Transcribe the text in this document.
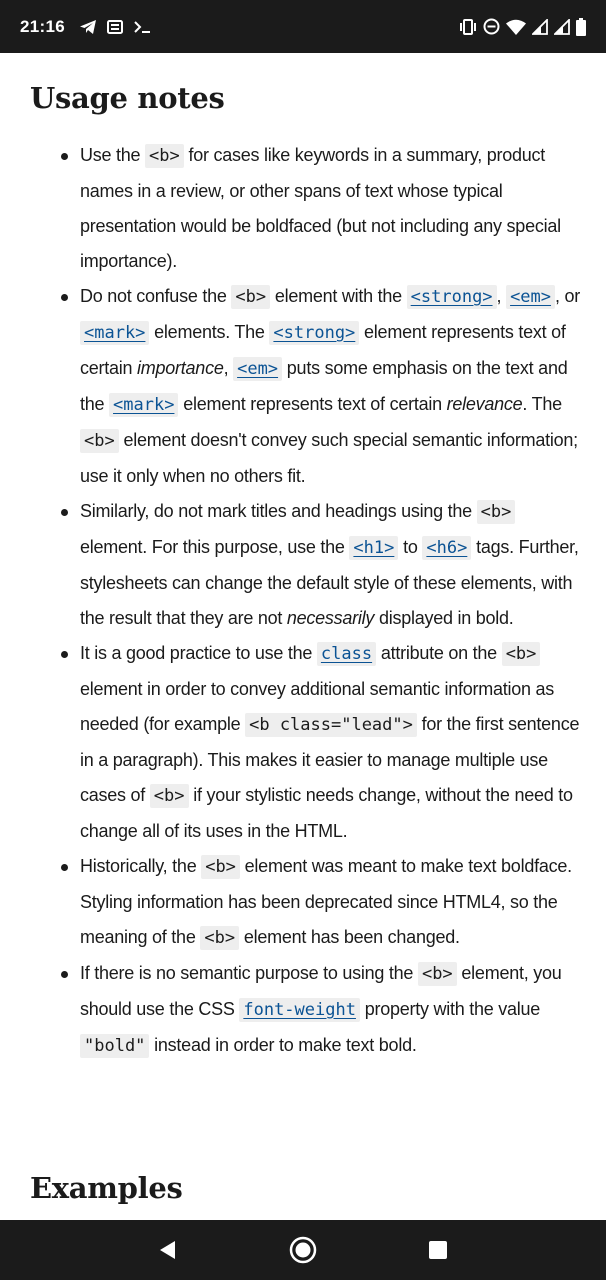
21:16
Usage notes
Use the <b> for cases like keywords in a summary, product names in a review, or other spans of text whose typical presentation would be boldfaced (but not including any special importance).
Do not confuse the <b> element with the <strong> , <em> , or <mark> elements. The <strong> element represents text of certain importance, <em> puts some emphasis on the text and the <mark> element represents text of certain relevance. The <b> element doesn't convey such special semantic information; use it only when no others fit.
Similarly, do not mark titles and headings using the <b> element. For this purpose, use the <h1> to <h6> tags. Further, stylesheets can change the default style of these elements, with the result that they are not necessarily displayed in bold.
It is a good practice to use the class attribute on the <b> element in order to convey additional semantic information as needed (for example <b class="lead"> for the first sentence in a paragraph). This makes it easier to manage multiple use cases of <b> if your stylistic needs change, without the need to change all of its uses in the HTML.
Historically, the <b> element was meant to make text boldface. Styling information has been deprecated since HTML4, so the meaning of the <b> element has been changed.
If there is no semantic purpose to using the <b> element, you should use the CSS font-weight property with the value "bold" instead in order to make text bold.
Examples
